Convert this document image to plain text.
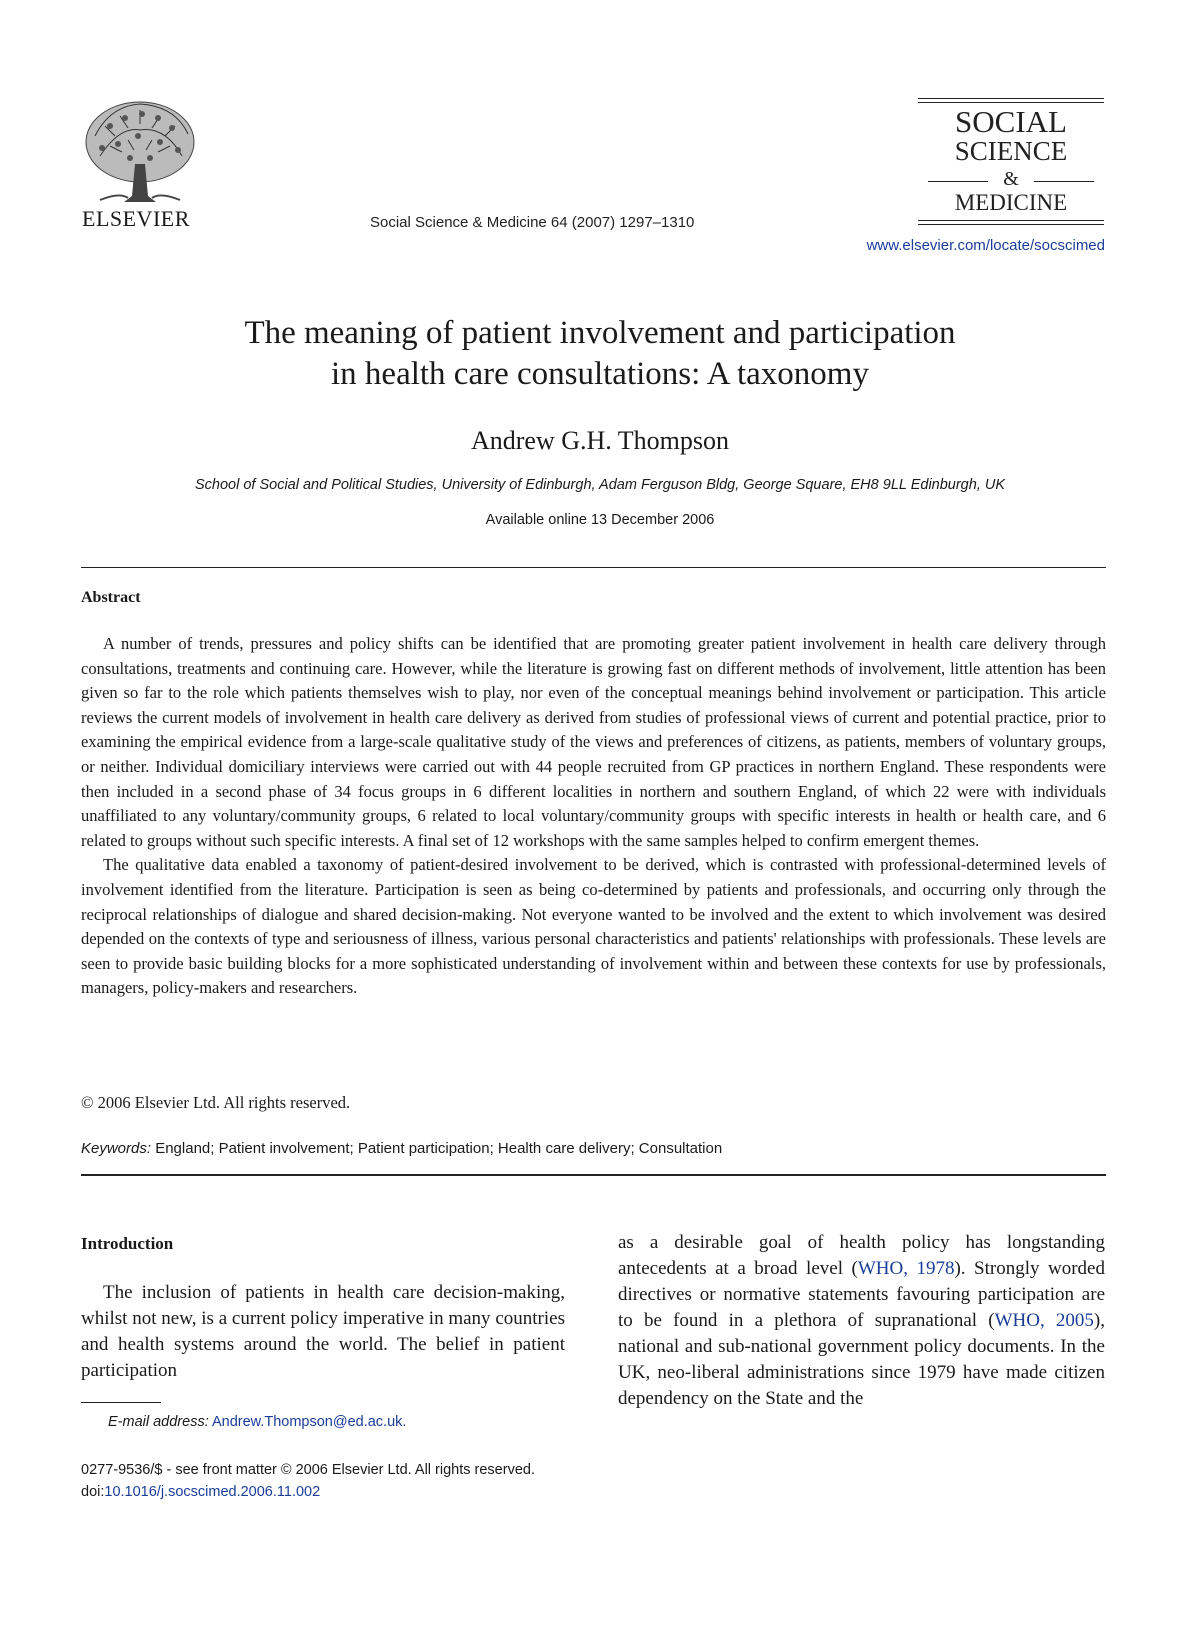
ELSEVIER	Social Science & Medicine 64 (2007) 1297–1310
SOCIAL
SCIENCE
&
MEDICINE
www.elsevier.com/locate/socscimed
The meaning of patient involvement and participation
in health care consultations: A taxonomy
Andrew G.H. Thompson
School of Social and Political Studies, University of Edinburgh, Adam Ferguson Bldg, George Square, EH8 9LL Edinburgh, UK
Available online 13 December 2006
Abstract

A number of trends, pressures and policy shifts can be identified that are promoting greater patient involvement in health care delivery through consultations, treatments and continuing care. However, while the literature is growing fast on different methods of involvement, little attention has been given so far to the role which patients themselves wish to play, nor even of the conceptual meanings behind involvement or participation. This article reviews the current models of involvement in health care delivery as derived from studies of professional views of current and potential practice, prior to examining the empirical evidence from a large-scale qualitative study of the views and preferences of citizens, as patients, members of voluntary groups, or neither. Individual domiciliary interviews were carried out with 44 people recruited from GP practices in northern England. These respondents were then included in a second phase of 34 focus groups in 6 different localities in northern and southern England, of which 22 were with individuals unaffiliated to any voluntary/community groups, 6 related to local voluntary/community groups with specific interests in health or health care, and 6 related to groups without such specific interests. A final set of 12 workshops with the same samples helped to confirm emergent themes.

The qualitative data enabled a taxonomy of patient-desired involvement to be derived, which is contrasted with professional-determined levels of involvement identified from the literature. Participation is seen as being co-determined by patients and professionals, and occurring only through the reciprocal relationships of dialogue and shared decision-making. Not everyone wanted to be involved and the extent to which involvement was desired depended on the contexts of type and seriousness of illness, various personal characteristics and patients' relationships with professionals. These levels are seen to provide basic building blocks for a more sophisticated understanding of involvement within and between these contexts for use by professionals, managers, policy-makers and researchers.

© 2006 Elsevier Ltd. All rights reserved.
Keywords: England; Patient involvement; Patient participation; Health care delivery; Consultation
Introduction

The inclusion of patients in health care decision-making, whilst not new, is a current policy imperative in many countries and health systems around the world. The belief in patient participation

as a desirable goal of health policy has longstanding antecedents at a broad level (WHO, 1978). Strongly worded directives or normative statements favouring participation are to be found in a plethora of supranational (WHO, 2005), national and sub-national government policy documents. In the UK, neo-liberal administrations since 1979 have made citizen dependency on the State and the

E-mail address: Andrew.Thompson@ed.ac.uk.
0277-9536/$ - see front matter © 2006 Elsevier Ltd. All rights reserved.
doi:10.1016/j.socscimed.2006.11.002
